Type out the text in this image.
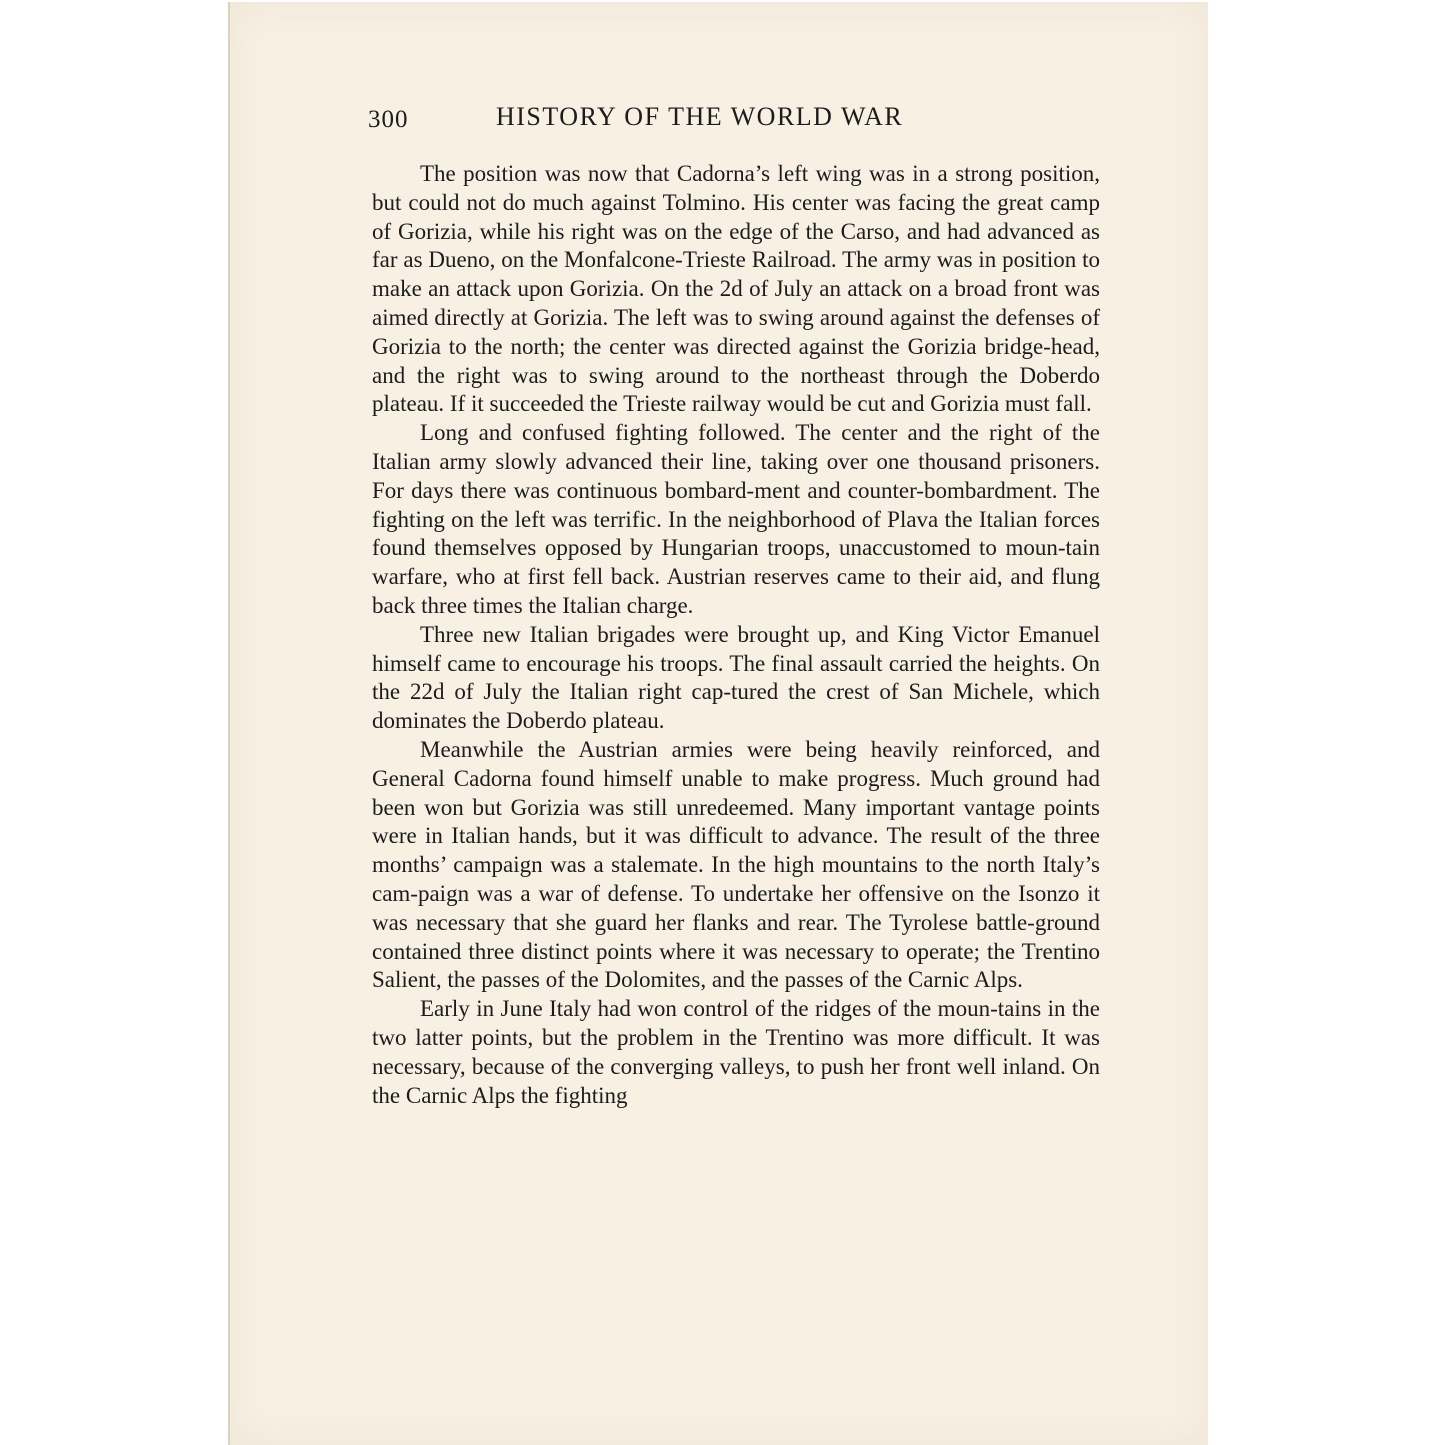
300	HISTORY OF THE WORLD WAR

The position was now that Cadorna’s left wing was in a strong position, but could not do much against Tolmino. His center was facing the great camp of Gorizia, while his right was on the edge of the Carso, and had advanced as far as Dueno, on the Monfalcone-Trieste Railroad. The army was in position to make an attack upon Gorizia. On the 2d of July an attack on a broad front was aimed directly at Gorizia. The left was to swing around against the defenses of Gorizia to the north; the center was directed against the Gorizia bridge-head, and the right was to swing around to the northeast through the Doberdo plateau. If it succeeded the Trieste railway would be cut and Gorizia must fall.

Long and confused fighting followed. The center and the right of the Italian army slowly advanced their line, taking over one thousand prisoners. For days there was continuous bombard-ment and counter-bombardment. The fighting on the left was terrific. In the neighborhood of Plava the Italian forces found themselves opposed by Hungarian troops, unaccustomed to moun-tain warfare, who at first fell back. Austrian reserves came to their aid, and flung back three times the Italian charge.

Three new Italian brigades were brought up, and King Victor Emanuel himself came to encourage his troops. The final assault carried the heights. On the 22d of July the Italian right cap-tured the crest of San Michele, which dominates the Doberdo plateau.

Meanwhile the Austrian armies were being heavily reinforced, and General Cadorna found himself unable to make progress. Much ground had been won but Gorizia was still unredeemed. Many important vantage points were in Italian hands, but it was difficult to advance. The result of the three months’ campaign was a stalemate. In the high mountains to the north Italy’s cam-paign was a war of defense. To undertake her offensive on the Isonzo it was necessary that she guard her flanks and rear. The Tyrolese battle-ground contained three distinct points where it was necessary to operate; the Trentino Salient, the passes of the Dolomites, and the passes of the Carnic Alps.

Early in June Italy had won control of the ridges of the moun-tains in the two latter points, but the problem in the Trentino was more difficult. It was necessary, because of the converging valleys, to push her front well inland. On the Carnic Alps the fighting
